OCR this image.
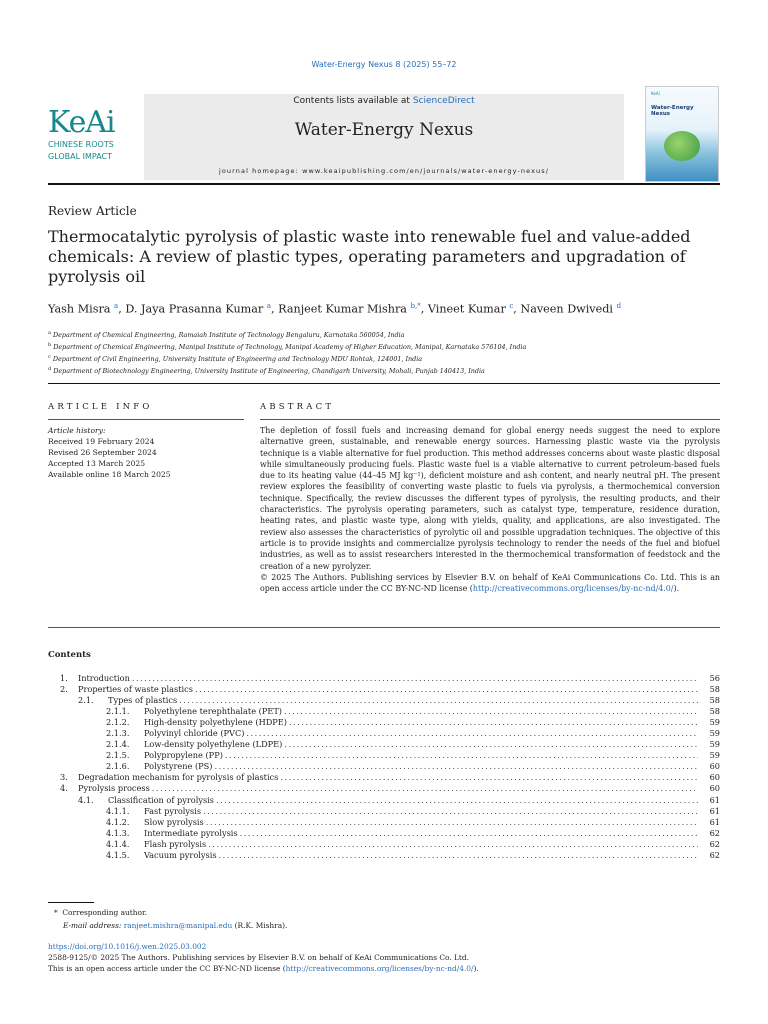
Water-Energy Nexus 8 (2025) 55–72
KeAi
CHINESE ROOTS
GLOBAL IMPACT
Contents lists available at ScienceDirect
Water-Energy Nexus
journal homepage: www.keaipublishing.com/en/journals/water-energy-nexus/
KeAi
Water-Energy
Nexus
Review Article
Thermocatalytic pyrolysis of plastic waste into renewable fuel and value-added chemicals: A review of plastic types, operating parameters and upgradation of pyrolysis oil
Yash Misra $^a$, D. Jaya Prasanna Kumar $^a$, Ranjeet Kumar Mishra $^{b,*}$, Vineet Kumar $^c$, Naveen Dwivedi $^d$
$^a$ Department of Chemical Engineering, Ramaiah Institute of Technology Bengaluru, Karnataka 560054, India
$^b$ Department of Chemical Engineering, Manipal Institute of Technology, Manipal Academy of Higher Education, Manipal, Karnataka 576104, India
$^c$ Department of Civil Engineering, University Institute of Engineering and Technology MDU Rohtak, 124001, India
$^d$ Department of Biotechnology Engineering, University Institute of Engineering, Chandigarh University, Mohali, Punjab 140413, India
ARTICLE INFO
Article history:
Received 19 February 2024
Revised 26 September 2024
Accepted 13 March 2025
Available online 18 March 2025
ABSTRACT
The depletion of fossil fuels and increasing demand for global energy needs suggest the need to explore alternative green, sustainable, and renewable energy sources. Harnessing plastic waste via the pyrolysis technique is a viable alternative for fuel production. This method addresses concerns about waste plastic disposal while simultaneously producing fuels. Plastic waste fuel is a viable alternative to current petroleum-based fuels due to its heating value (44–45 MJ kg⁻¹), deficient moisture and ash content, and nearly neutral pH. The present review explores the feasibility of converting waste plastic to fuels via pyrolysis, a thermochemical conversion technique. Specifically, the review discusses the different types of pyrolysis, the resulting products, and their characteristics. The pyrolysis operating parameters, such as catalyst type, temperature, residence duration, heating rates, and plastic waste type, along with yields, quality, and applications, are also investigated. The review also assesses the characteristics of pyrolytic oil and possible upgradation techniques. The objective of this article is to provide insights and commercialize pyrolysis technology to render the needs of the fuel and biofuel industries, as well as to assist researchers interested in the thermochemical transformation of feedstock and the creation of a new pyrolyzer.
© 2025 The Authors. Publishing services by Elsevier B.V. on behalf of KeAi Communications Co. Ltd. This is an open access article under the CC BY-NC-ND license (http://creativecommons.org/licenses/by-nc-nd/4.0/).
Contents
1.	Introduction .....	56
2.	Properties of waste plastics .....	58
2.1.	Types of plastics .....	58
2.1.1.	Polyethylene terephthalate (PET) .....	58
2.1.2.	High-density polyethylene (HDPE) .....	59
2.1.3.	Polyvinyl chloride (PVC) .....	59
2.1.4.	Low-density polyethylene (LDPE) .....	59
2.1.5.	Polypropylene (PP) .....	59
2.1.6.	Polystyrene (PS) .....	60
3.	Degradation mechanism for pyrolysis of plastics .....	60
4.	Pyrolysis process .....	60
4.1.	Classification of pyrolysis .....	61
4.1.1.	Fast pyrolysis .....	61
4.1.2.	Slow pyrolysis .....	61
4.1.3.	Intermediate pyrolysis .....	62
4.1.4.	Flash pyrolysis .....	62
4.1.5.	Vacuum pyrolysis .....	62
* Corresponding author.
E-mail address: ranjeet.mishra@manipal.edu (R.K. Mishra).
https://doi.org/10.1016/j.wen.2025.03.002
2588-9125/© 2025 The Authors. Publishing services by Elsevier B.V. on behalf of KeAi Communications Co. Ltd.
This is an open access article under the CC BY-NC-ND license (http://creativecommons.org/licenses/by-nc-nd/4.0/).
